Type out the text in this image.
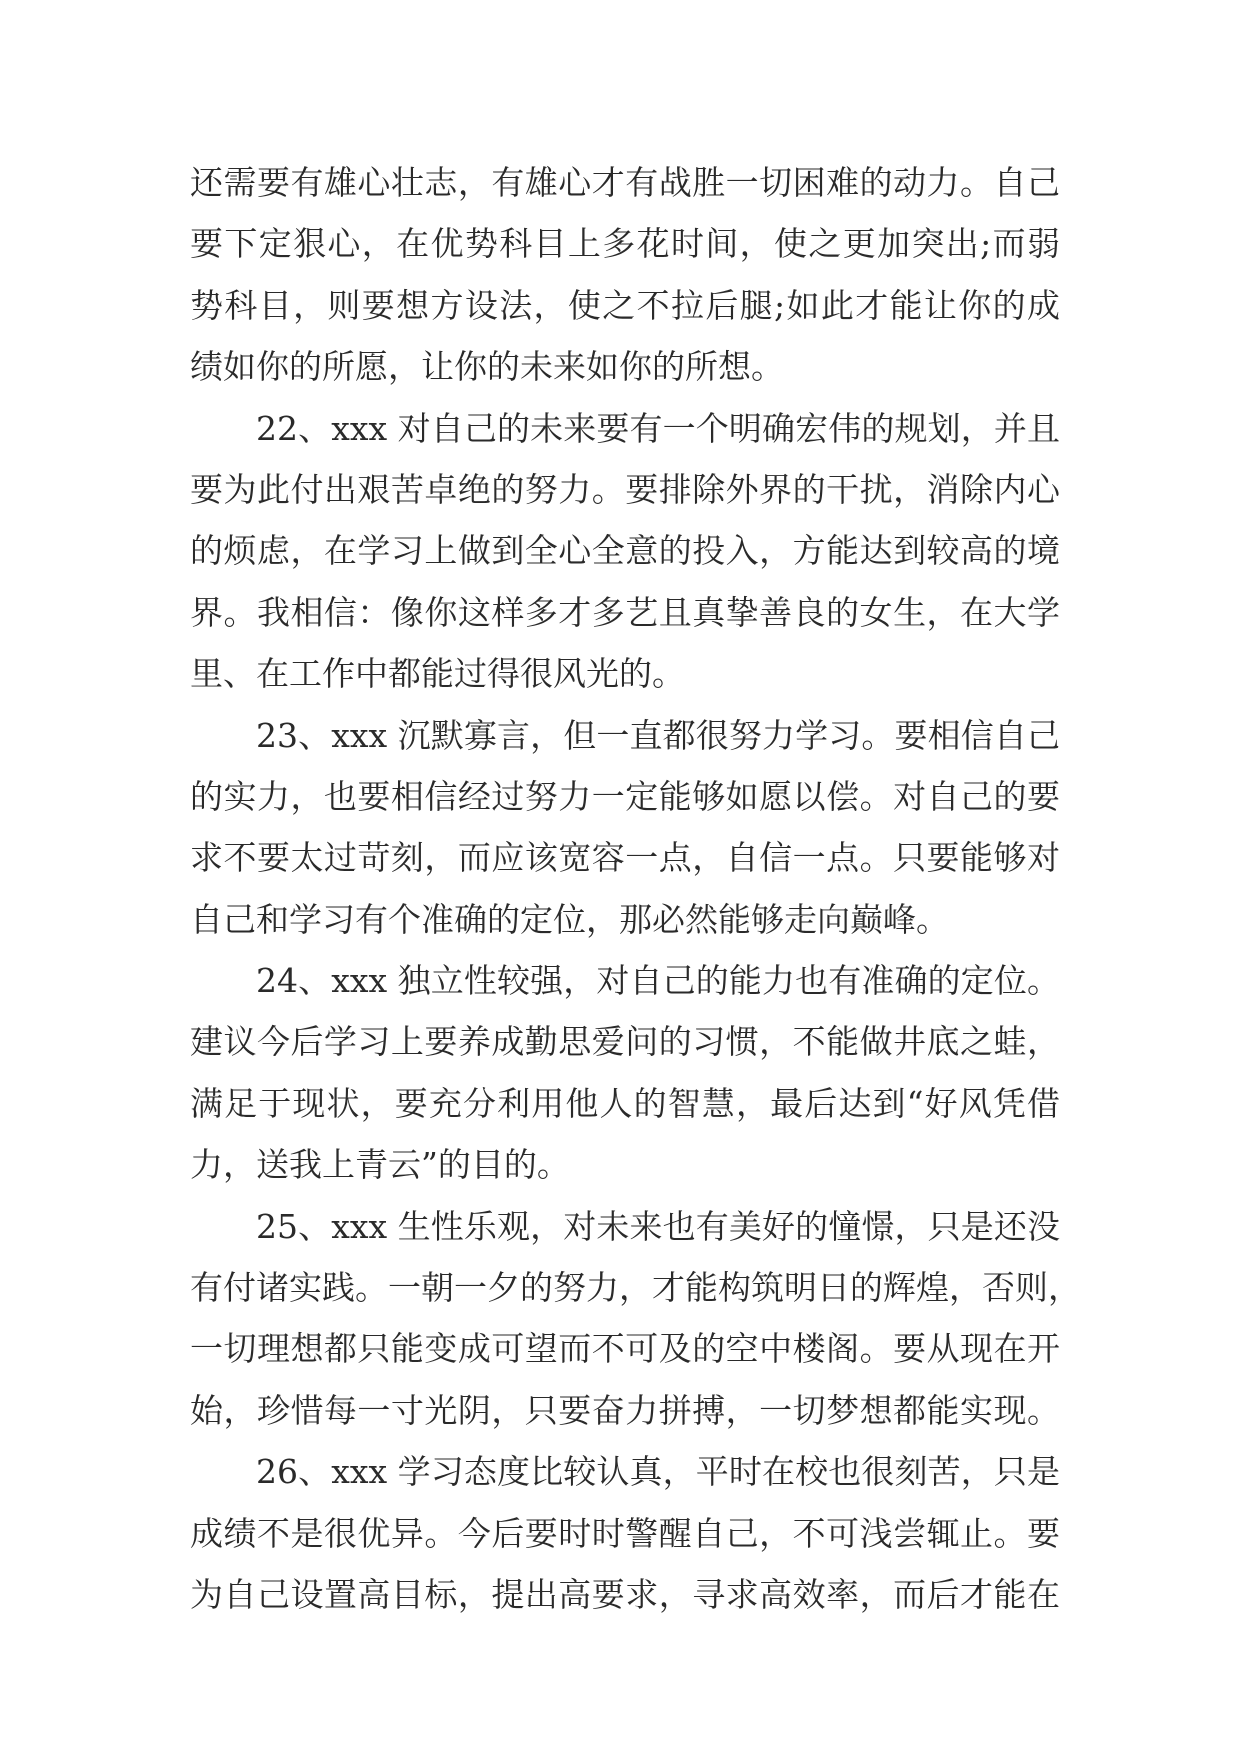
还需要有雄心壮志，有雄心才有战胜一切困难的动力。自己
要下定狠心，在优势科目上多花时间，使之更加突出;而弱
势科目，则要想方设法，使之不拉后腿;如此才能让你的成
绩如你的所愿，让你的未来如你的所想。
22、xxx 对自己的未来要有一个明确宏伟的规划，并且
要为此付出艰苦卓绝的努力。要排除外界的干扰，消除内心
的烦虑，在学习上做到全心全意的投入，方能达到较高的境
界。我相信：像你这样多才多艺且真挚善良的女生，在大学
里、在工作中都能过得很风光的。
23、xxx 沉默寡言，但一直都很努力学习。要相信自己
的实力，也要相信经过努力一定能够如愿以偿。对自己的要
求不要太过苛刻，而应该宽容一点，自信一点。只要能够对
自己和学习有个准确的定位，那必然能够走向巅峰。
24、xxx 独立性较强，对自己的能力也有准确的定位。
建议今后学习上要养成勤思爱问的习惯，不能做井底之蛙，
满足于现状，要充分利用他人的智慧，最后达到“好风凭借
力，送我上青云”的目的。
25、xxx 生性乐观，对未来也有美好的憧憬，只是还没
有付诸实践。一朝一夕的努力，才能构筑明日的辉煌，否则，
一切理想都只能变成可望而不可及的空中楼阁。要从现在开
始，珍惜每一寸光阴，只要奋力拼搏，一切梦想都能实现。
26、xxx 学习态度比较认真，平时在校也很刻苦，只是
成绩不是很优异。今后要时时警醒自己，不可浅尝辄止。要
为自己设置高目标，提出高要求，寻求高效率，而后才能在
